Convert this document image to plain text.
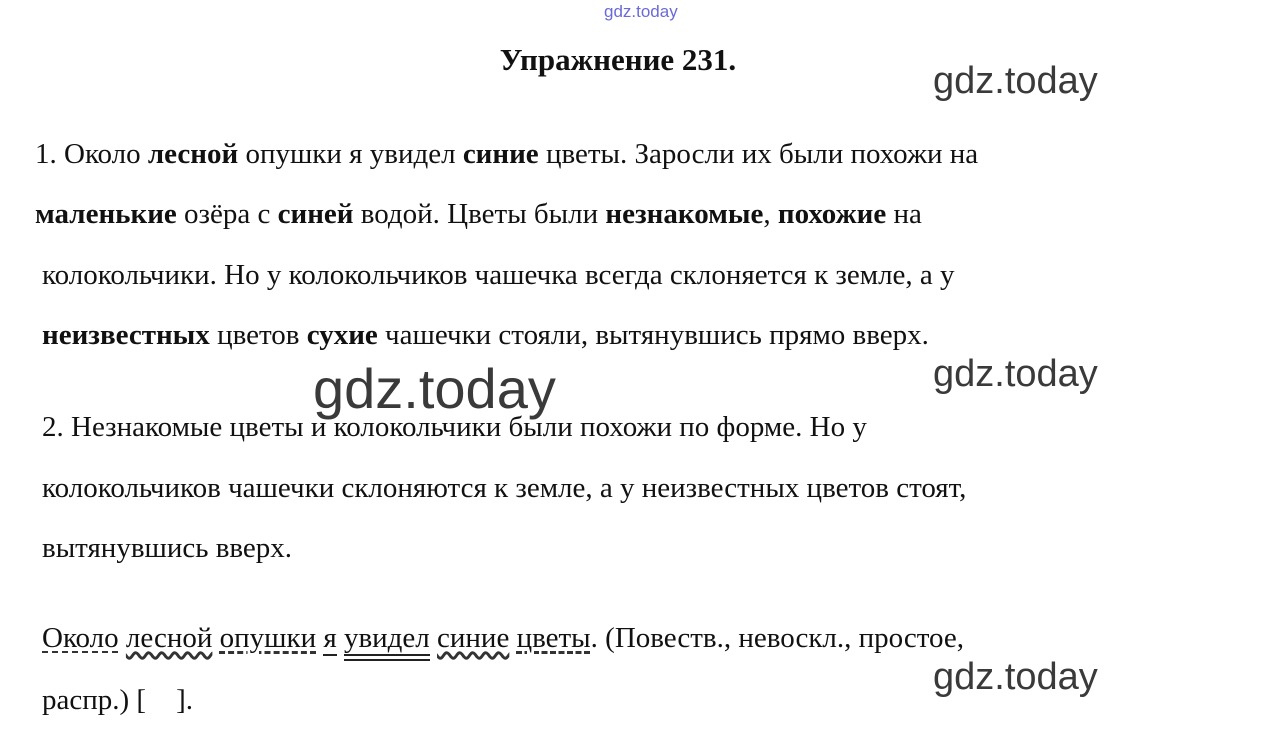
gdz.today
gdz.today
gdz.today	gdz.today
gdz.today
Упражнение 231.
1. Около лесной опушки я увидел синие цветы. Заросли их были похожи на
маленькие озёра с синей водой. Цветы были незнакомые, похожие на
колокольчики. Но у колокольчиков чашечка всегда склоняется к земле, а у
неизвестных цветов сухие чашечки стояли, вытянувшись прямо вверх.
2. Незнакомые цветы и колокольчики были похожи по форме. Но у
колокольчиков чашечки склоняются к земле, а у неизвестных цветов стоят,
вытянувшись вверх.
Около лесной опушки я увидел синие цветы. (Повеств., невоскл., простое,
распр.) [ ].
